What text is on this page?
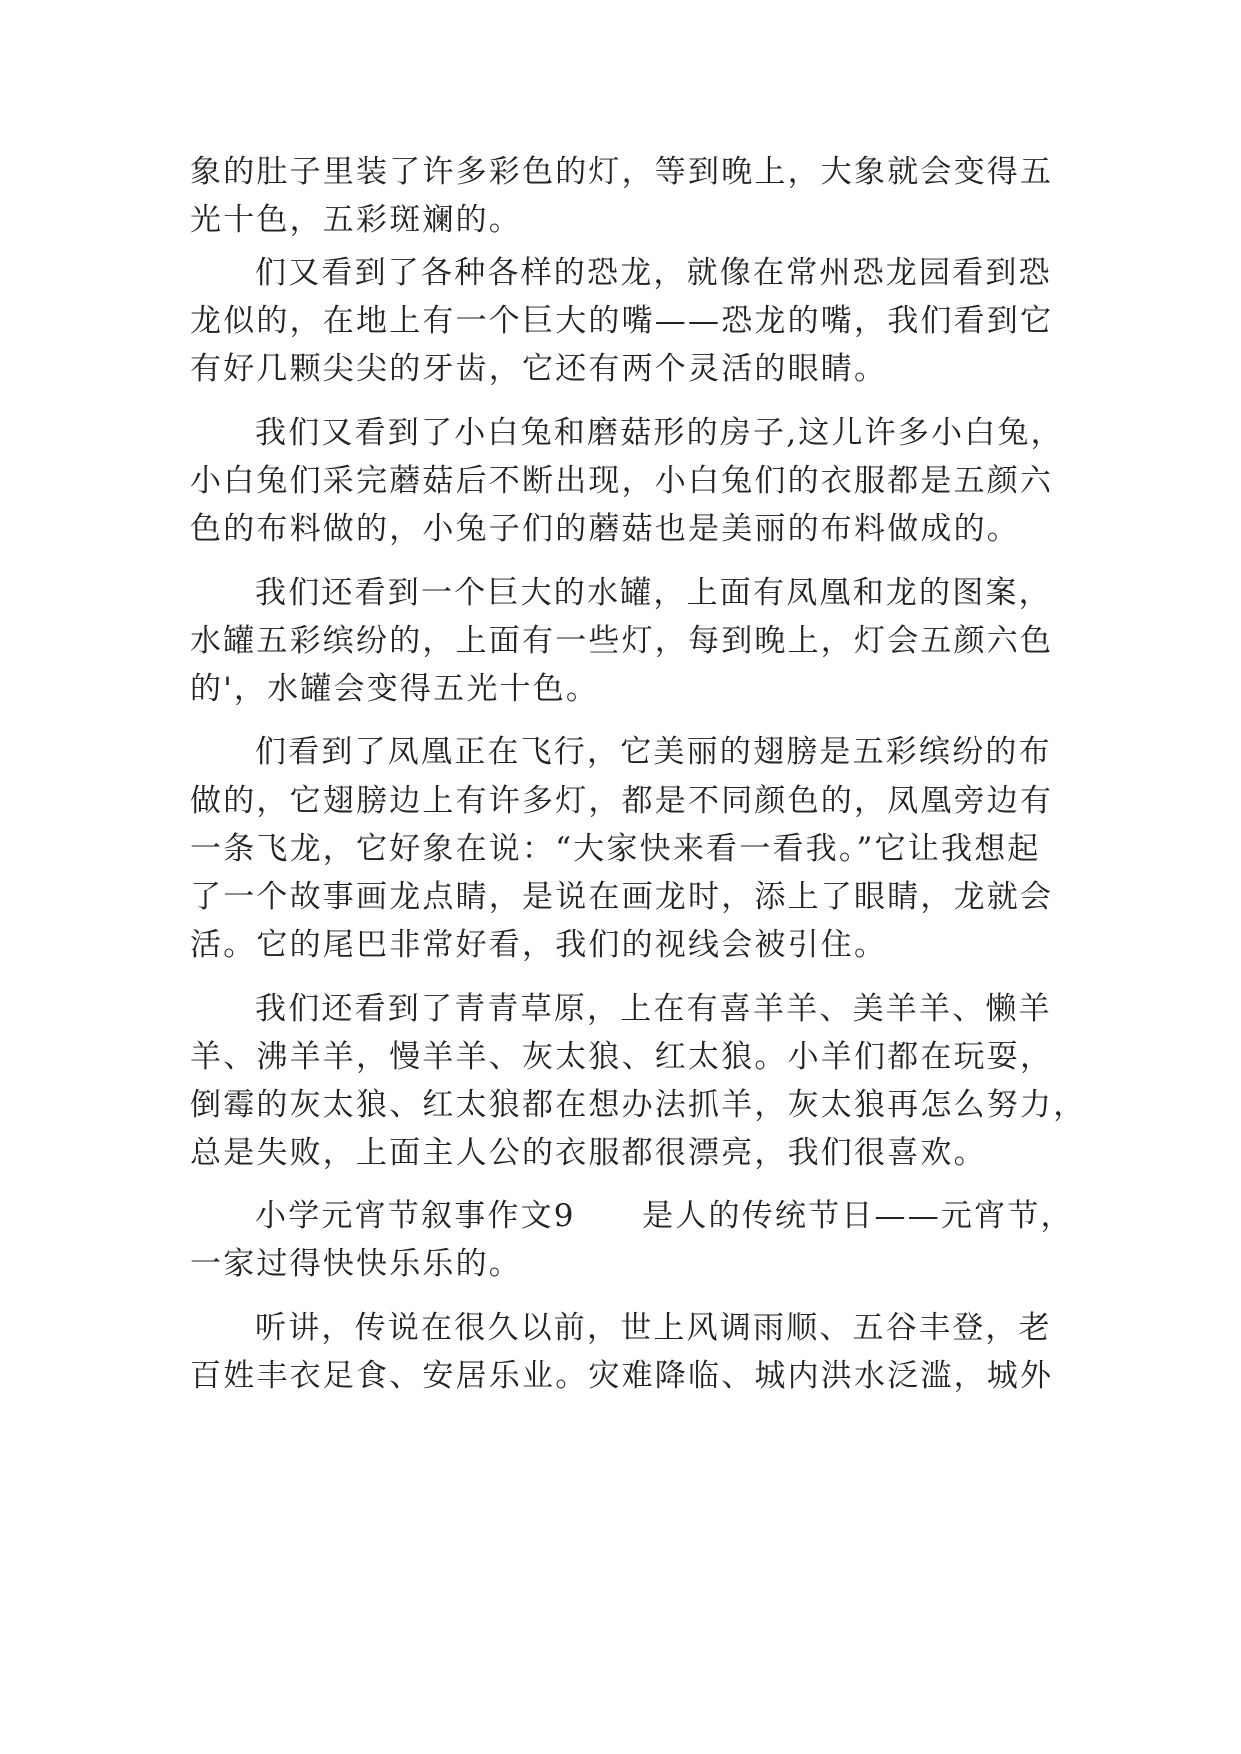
象的肚子里装了许多彩色的灯，等到晚上，大象就会变得五
光十色，五彩斑斓的。
们又看到了各种各样的恐龙，就像在常州恐龙园看到恐
龙似的，在地上有一个巨大的嘴——恐龙的嘴，我们看到它
有好几颗尖尖的牙齿，它还有两个灵活的眼睛。
我们又看到了小白兔和磨菇形的房子,这儿许多小白兔，
小白兔们采完蘑菇后不断出现，小白兔们的衣服都是五颜六
色的布料做的，小兔子们的蘑菇也是美丽的布料做成的。
我们还看到一个巨大的水罐，上面有凤凰和龙的图案，
水罐五彩缤纷的，上面有一些灯，每到晚上，灯会五颜六色
的'，水罐会变得五光十色。
们看到了凤凰正在飞行，它美丽的翅膀是五彩缤纷的布
做的，它翅膀边上有许多灯，都是不同颜色的，凤凰旁边有
一条飞龙，它好象在说：“大家快来看一看我。”它让我想起
了一个故事画龙点睛，是说在画龙时，添上了眼睛，龙就会
活。它的尾巴非常好看，我们的视线会被引住。
我们还看到了青青草原，上在有喜羊羊、美羊羊、懒羊
羊、沸羊羊，慢羊羊、灰太狼、红太狼。小羊们都在玩耍，
倒霉的灰太狼、红太狼都在想办法抓羊，灰太狼再怎么努力，
总是失败，上面主人公的衣服都很漂亮，我们很喜欢。
小学元宵节叙事作文9　　是人的传统节日——元宵节，
一家过得快快乐乐的。
听讲，传说在很久以前，世上风调雨顺、五谷丰登，老
百姓丰衣足食、安居乐业。灾难降临、城内洪水泛滥，城外
